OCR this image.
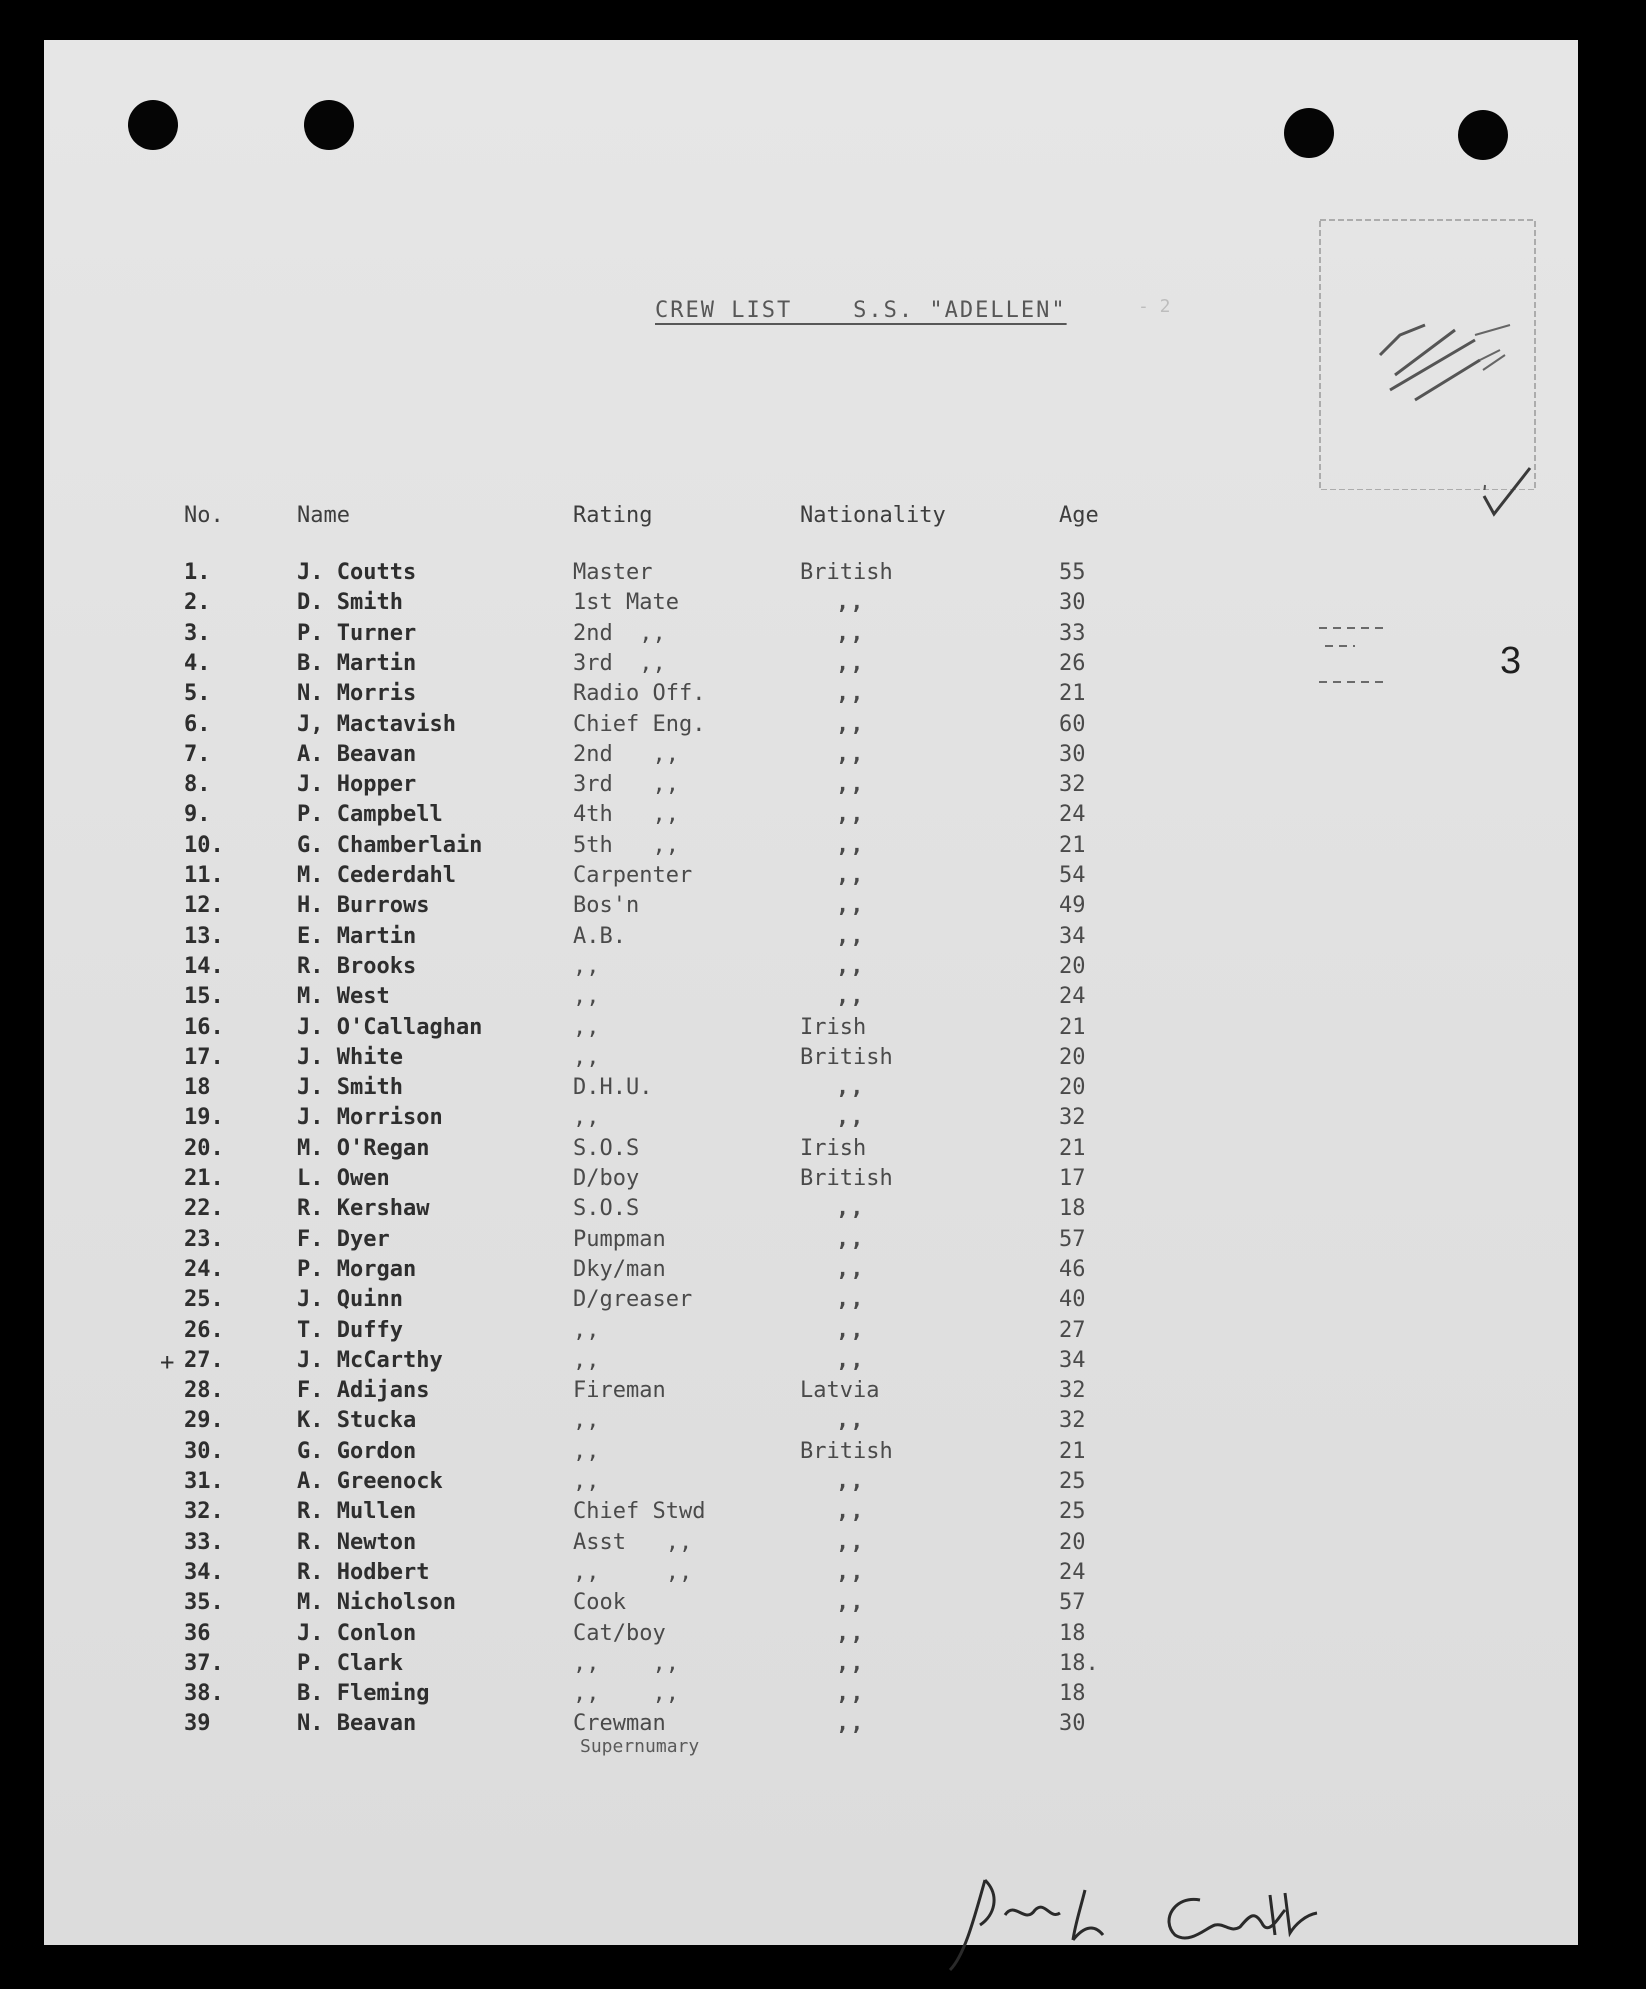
CREW LIST    S.S. "ADELLEN"	- 2
3
No.	Name	Rating	Nationality	Age
1.	J. Coutts	Master	British	55
2.	D. Smith	1st Mate	,,	30
3.	P. Turner	2nd  ,,	,,	33
4.	B. Martin	3rd  ,,	,,	26
5.	N. Morris	Radio Off.	,,	21
6.	J, Mactavish	Chief Eng.	,,	60
7.	A. Beavan	2nd   ,,	,,	30
8.	J. Hopper	3rd   ,,	,,	32
9.	P. Campbell	4th   ,,	,,	24
10.	G. Chamberlain	5th   ,,	,,	21
11.	M. Cederdahl	Carpenter	,,	54
12.	H. Burrows	Bos'n	,,	49
13.	E. Martin	A.B.	,,	34
14.	R. Brooks	,,	,,	20
15.	M. West	,,	,,	24
16.	J. O'Callaghan	,,	Irish	21
17.	J. White	,,	British	20
18	J. Smith	D.H.U.	,,	20
19.	J. Morrison	,,	,,	32
20.	M. O'Regan	S.O.S	Irish	21
21.	L. Owen	D/boy	British	17
22.	R. Kershaw	S.O.S	,,	18
23.	F. Dyer	Pumpman	,,	57
24.	P. Morgan	Dky/man	,,	46
25.	J. Quinn	D/greaser	,,	40
26.	T. Duffy	,,	,,	27
27.	J. McCarthy	,,	,,	34
28.	F. Adijans	Fireman	Latvia	32
29.	K. Stucka	,,	,,	32
30.	G. Gordon	,,	British	21
31.	A. Greenock	,,	,,	25
32.	R. Mullen	Chief Stwd	,,	25
33.	R. Newton	Asst   ,,	,,	20
34.	R. Hodbert	,,     ,,	,,	24
35.	M. Nicholson	Cook	,,	57
36	J. Conlon	Cat/boy	,,	18
37.	P. Clark	,,    ,,	,,	18.
38.	B. Fleming	,,    ,,	,,	18
39	N. Beavan	Crewman	,,	30
Supernumary
+
